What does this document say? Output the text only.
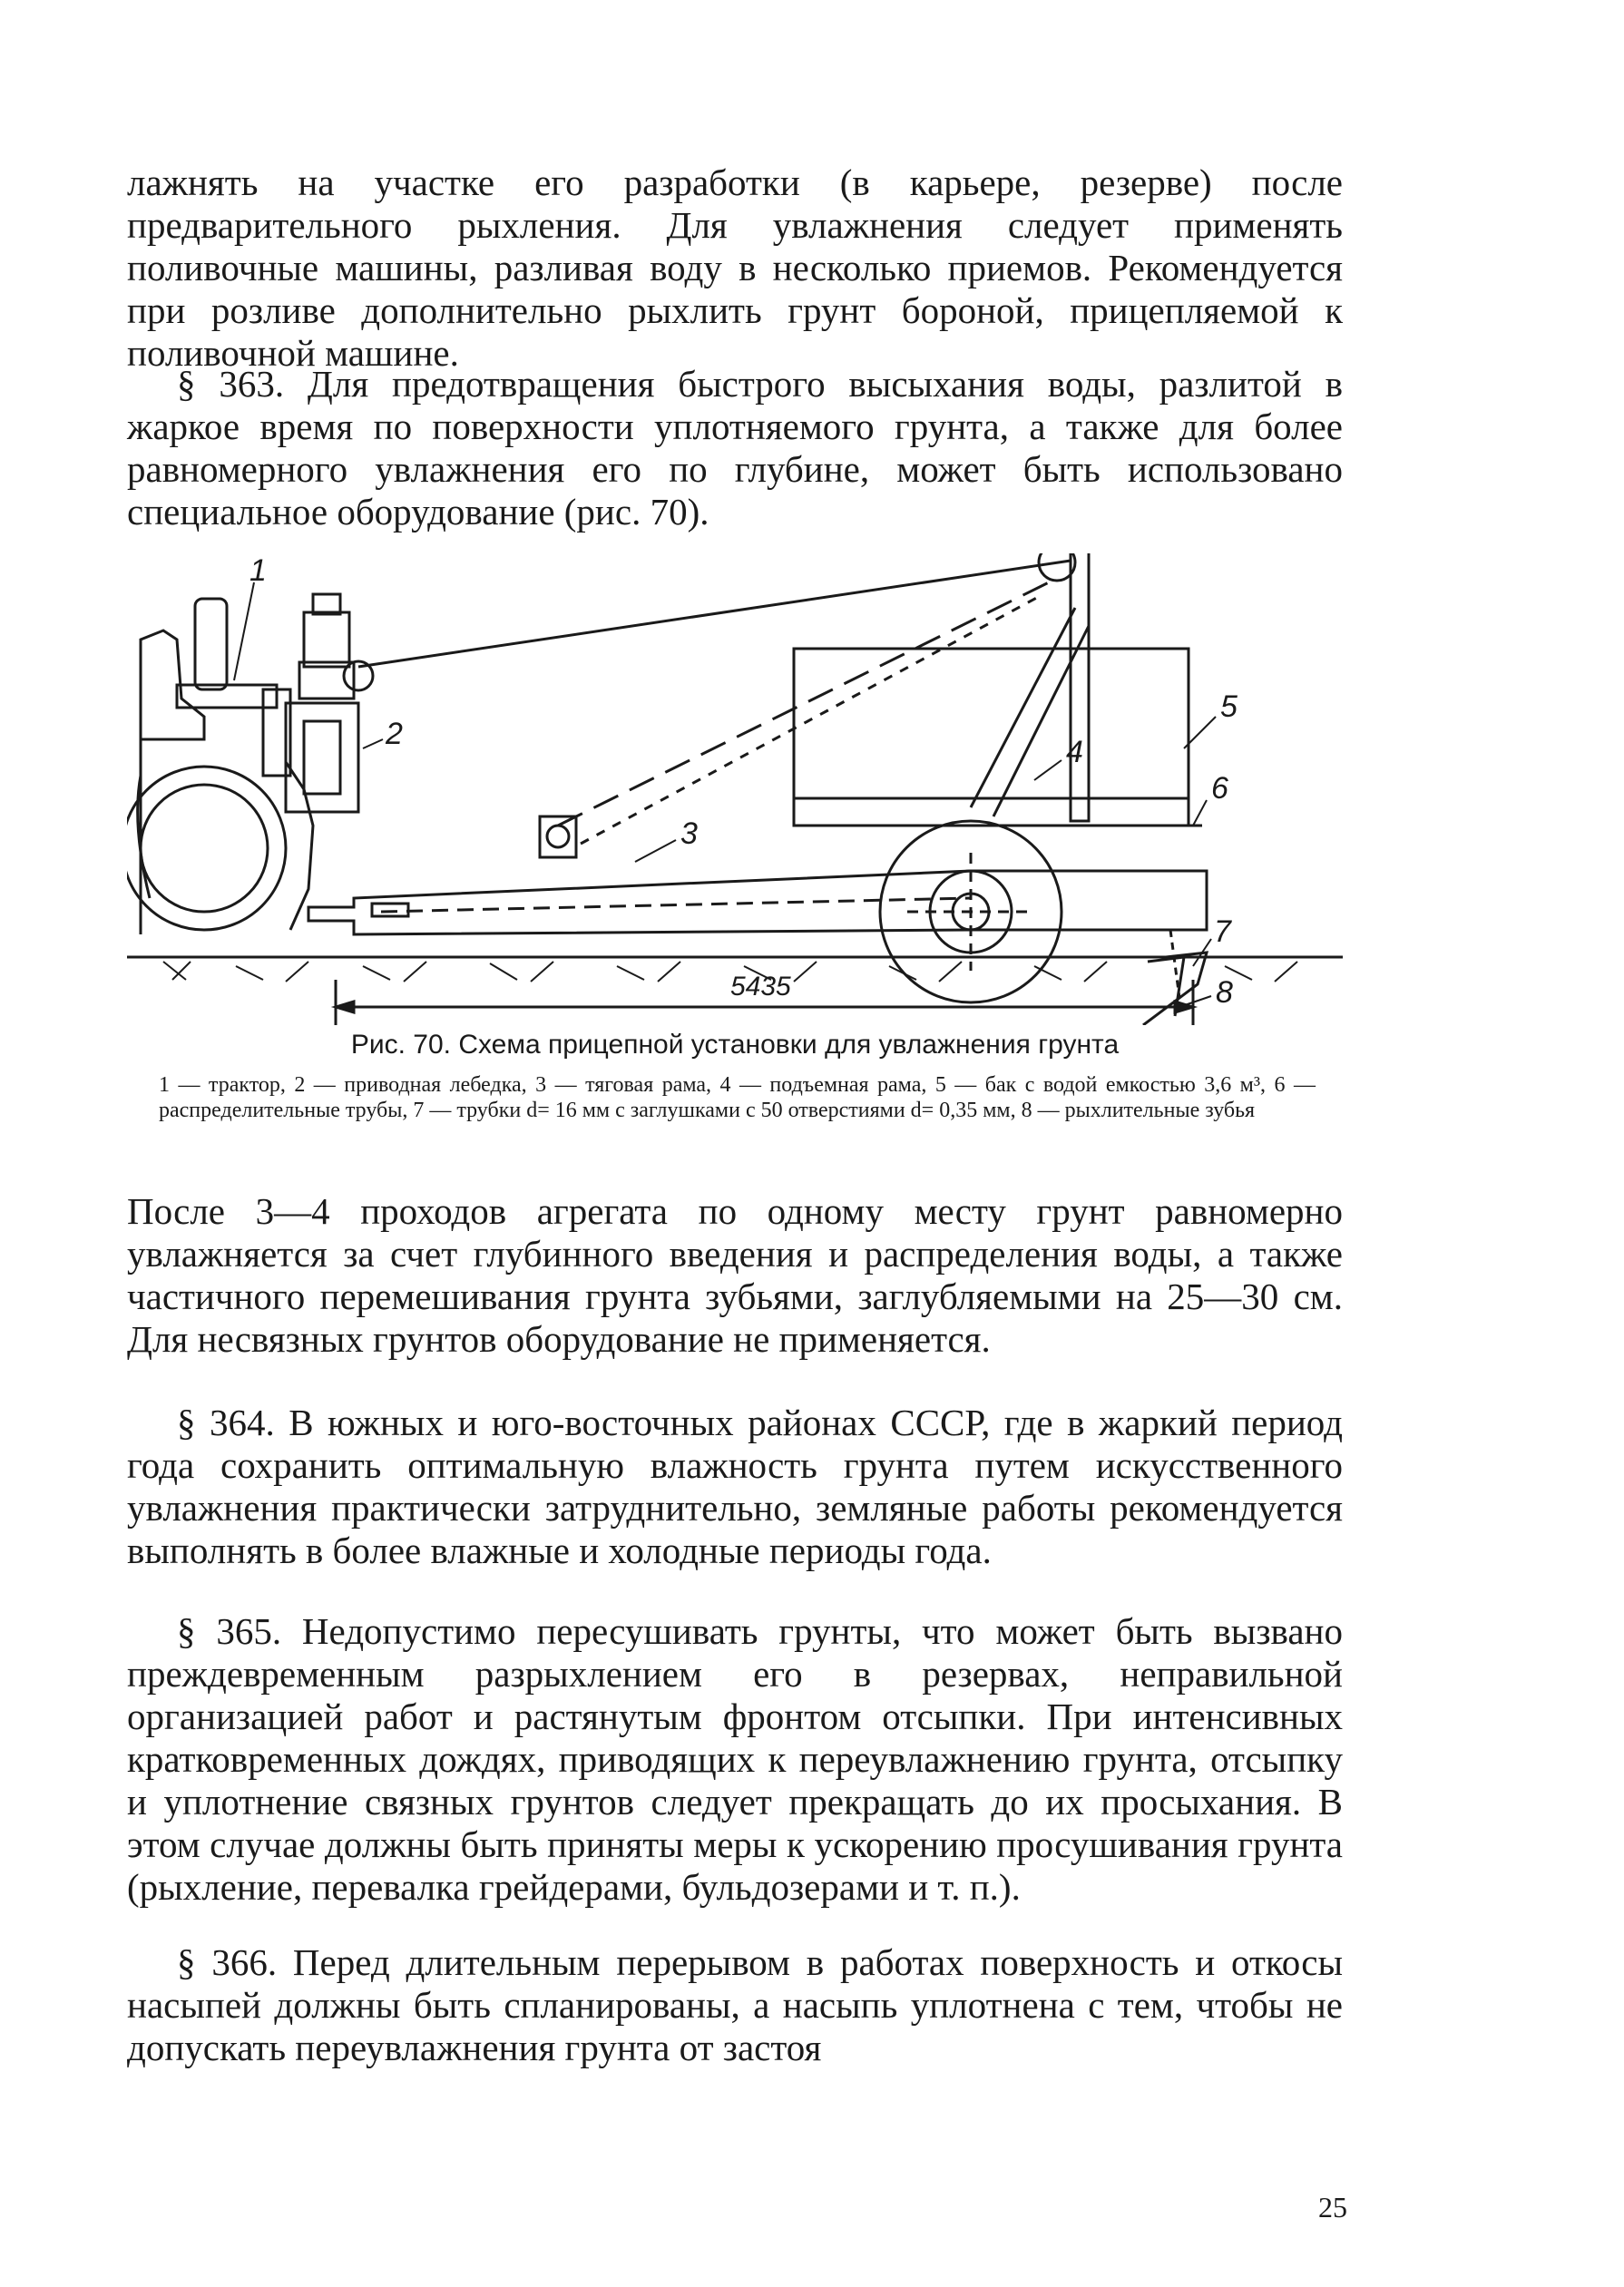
лажнять на участке его разработки (в карьере, резерве) после предварительного рыхления. Для увлажнения следует применять поливочные машины, разливая воду в несколько приемов. Рекомендуется при розливе дополнительно рыхлить грунт бороной, прицепляемой к поливочной машине.

§ 363. Для предотвращения быстрого высыхания воды, разлитой в жаркое время по поверхности уплотняемого грунта, а также для более равномерного увлажнения его по глубине, может быть использовано специальное оборудование (рис. 70).

1
2
3
4
5
6
7
8
5435

Рис. 70. Схема прицепной установки для увлажнения грунта

1 — трактор, 2 — приводная лебедка, 3 — тяговая рама, 4 — подъемная рама, 5 — бак с водой емкостью 3,6 м³, 6 — распределительные трубы, 7 — трубки d= 16 мм с заглушками с 50 отверстиями d= 0,35 мм, 8 — рыхлительные зубья

После 3—4 проходов агрегата по одному месту грунт равномерно увлажняется за счет глубинного введения и распределения воды, а также частичного перемешивания грунта зубьями, заглубляемыми на 25—30 см. Для несвязных грунтов оборудование не применяется.

§ 364. В южных и юго-восточных районах СССР, где в жаркий период года сохранить оптимальную влажность грунта путем искусственного увлажнения практически затруднительно, земляные работы рекомендуется выполнять в более влажные и холодные периоды года.

§ 365. Недопустимо пересушивать грунты, что может быть вызвано преждевременным разрыхлением его в резервах, неправильной организацией работ и растянутым фронтом отсыпки. При интенсивных кратковременных дождях, приводящих к переувлажнению грунта, отсыпку и уплотнение связных грунтов следует прекращать до их просыхания. В этом случае должны быть приняты меры к ускорению просушивания грунта (рыхление, перевалка грейдерами, бульдозерами и т. п.).

§ 366. Перед длительным перерывом в работах поверхность и откосы насыпей должны быть спланированы, а насыпь уплотнена с тем, чтобы не допускать переувлажнения грунта от застоя

25
